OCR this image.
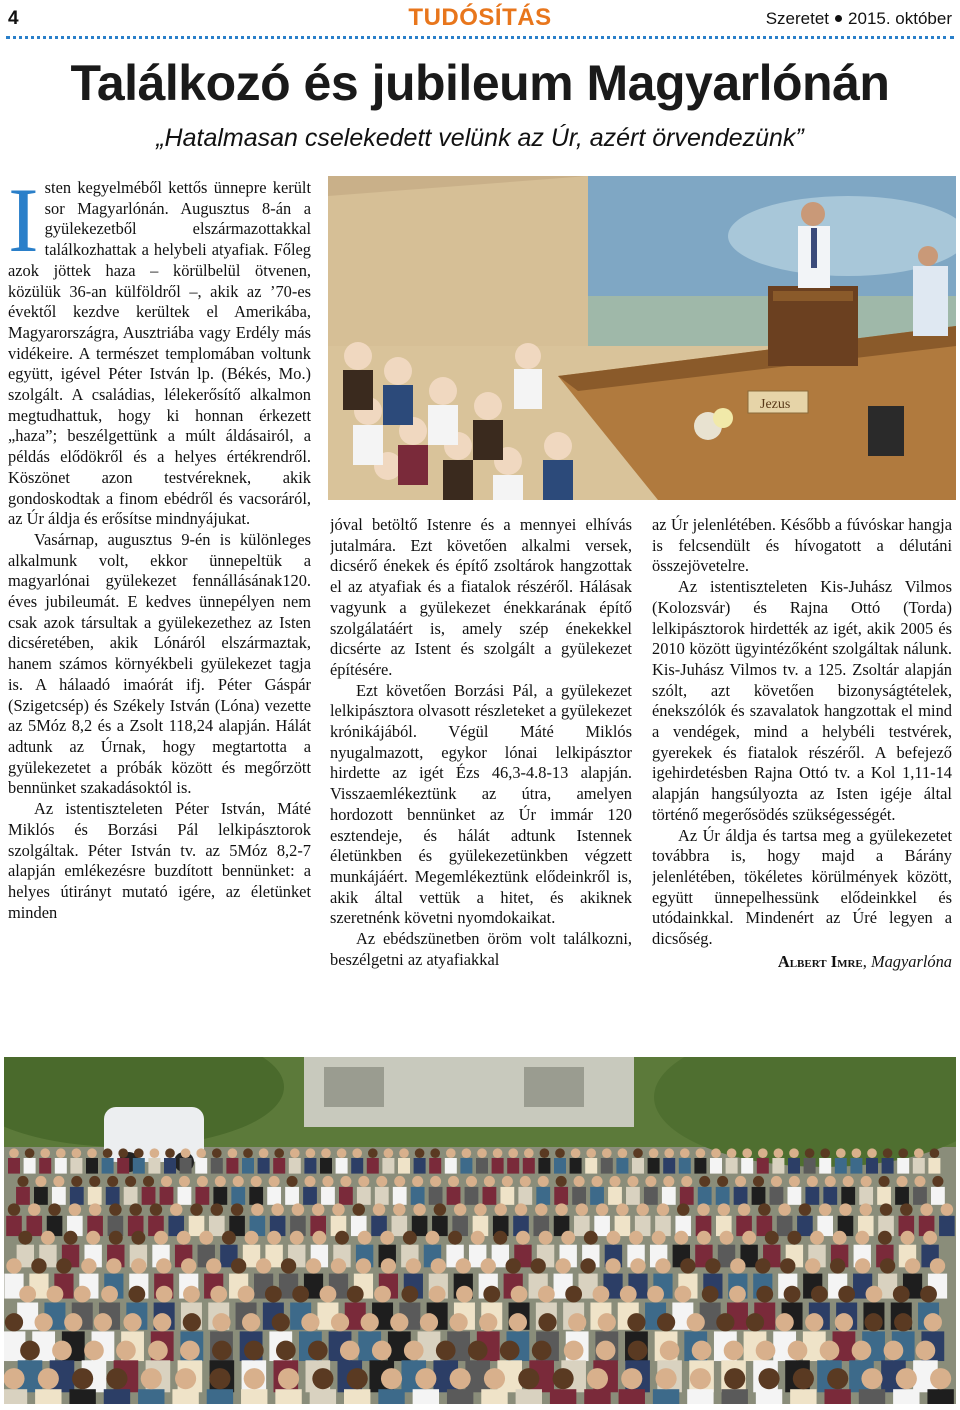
4	TUDÓSÍTÁS	Szeretet 2015. október
Találkozó és jubileum Magyarlónán
„Hatalmasan cselekedett velünk az Úr, azért örvendezünk”
I sten kegyelméből kettős ünnepre került sor Magyarlónán. Augusztus 8-án a gyülekezetből elszármazottakkal találkozhattak a helybeli atyafiak. Főleg azok jöttek haza – körülbelül ötvenen, közülük 36-an külföldről –, akik az ’70-es évektől kezdve kerültek el Amerikába, Magyarországra, Ausztriába vagy Erdély más vidékeire. A természet templomában voltunk együtt, igével Péter István lp. (Békés, Mo.) szolgált. A családias, lélekerősítő alkalmon megtudhattuk, hogy ki honnan érkezett „haza”; beszélgettünk a múlt áldásairól, a példás elődökről és a helyes értékrendről. Köszönet azon testvéreknek, akik gondoskodtak a finom ebédről és vacsoráról, az Úr áldja és erősítse mindnyájukat.

Vasárnap, augusztus 9-én is különleges alkalmunk volt, ekkor ünnepeltük a magyarlónai gyülekezet fennállásának120. éves jubileumát. E kedves ünnepélyen nem csak azok társultak a gyülekezethez az Isten dicséretében, akik Lónáról elszármaztak, hanem számos környékbeli gyülekezet tagja is. A hálaadó imaórát ifj. Péter Gáspár (Szigetcsép) és Székely István (Lóna) vezette az 5Móz 8,2 és a Zsolt 118,24 alapján. Hálát adtunk az Úrnak, hogy megtartotta a gyülekezetet a próbák között és megőrzött bennünket szakadásoktól is.

Az istentiszteleten Péter István, Máté Miklós és Borzási Pál lelkipásztorok szolgáltak. Péter István tv. az 5Móz 8,2-7 alapján emlékezésre buzdított bennünket: a helyes útirányt mutató igére, az életünket minden

jóval betöltő Istenre és a mennyei elhívás jutalmára. Ezt követően alkalmi versek, dicsérő énekek és építő zsoltárok hangzottak el az atyafiak és a fiatalok részéről. Hálásak vagyunk a gyülekezet énekkarának építő szolgálatáért is, amely szép énekekkel dicsérte az Istent és szolgált a gyülekezet építésére.

Ezt követően Borzási Pál, a gyülekezet lelkipásztora olvasott részleteket a gyülekezet krónikájából. Végül Máté Miklós nyugalmazott, egykor lónai lelkipásztor hirdette az igét Ézs 46,3-4.8-13 alapján. Visszaemlékeztünk az útra, amelyen hordozott bennünket az Úr immár 120 esztendeje, és hálát adtunk Istennek életünkben és gyülekezetünkben végzett munkájáért. Megemlékeztünk elődeinkről is, akik által vettük a hitet, és akiknek szeretnénk követni nyomdokaikat.

Az ebédszünetben öröm volt találkozni, beszélgetni az atyafiakkal

az Úr jelenlétében. Később a fúvóskar hangja is felcsendült és hívogatott a délutáni összejövetelre.

Az istentiszteleten Kis-Juhász Vilmos (Kolozsvár) és Rajna Ottó (Torda) lelkipásztorok hirdették az igét, akik 2005 és 2010 között ügyintézőként szolgáltak nálunk. Kis-Juhász Vilmos tv. a 125. Zsoltár alapján szólt, azt követően bizonyságtételek, énekszólók és szavalatok hangzottak el mind a vendégek, mind a helybéli testvérek, gyerekek és fiatalok részéről. A befejező igehirdetésben Rajna Ottó tv. a Kol 1,11-14 alapján hangsúlyozta az Isten igéje által történő megerősödés szükségességét.

Az Úr áldja és tartsa meg a gyülekezetet továbbra is, hogy majd a Bárány jelenlétében, tökéletes körülmények között, együtt ünnepelhessünk elődeinkkel és utódainkkal. Mindenért az Úré legyen a dicsőség.

Albert Imre, Magyarlóna

Jezus
